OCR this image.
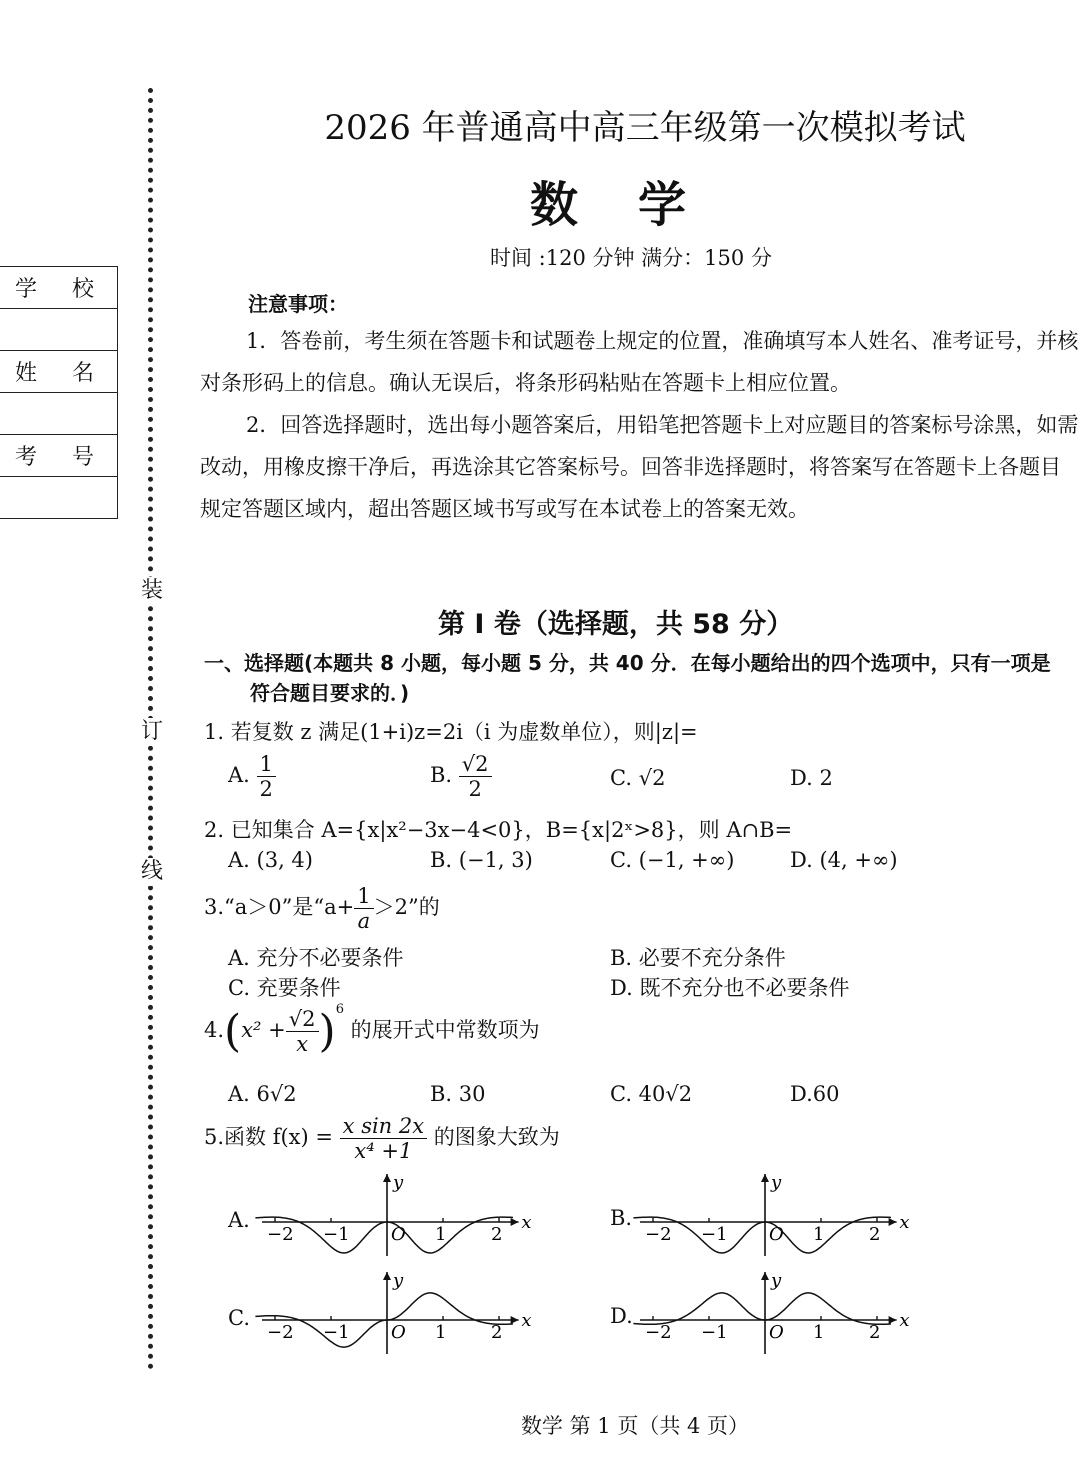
学 校

姓 名

考 号

装
订
线
2026 年普通高中高三年级第一次模拟考试
数学
时间 :120 分钟 满分：150 分
注意事项：
1．答卷前，考生须在答题卡和试题卷上规定的位置，准确填写本人姓名、准考证号，并核对条形码上的信息。确认无误后，将条形码粘贴在答题卡上相应位置。
2．回答选择题时，选出每小题答案后，用铅笔把答题卡上对应题目的答案标号涂黑，如需改动，用橡皮擦干净后，再选涂其它答案标号。回答非选择题时，将答案写在答题卡上各题目规定答题区域内，超出答题区域书写或写在本试卷上的答案无效。
第 I 卷（选择题，共 58 分）
一、选择题(本题共 8 小题，每小题 5 分，共 40 分．在每小题给出的四个选项中，只有一项是符合题目要求的．)
1. 若复数 z 满足(1+i)z=2i（i 为虚数单位），则|z|=
A. $\frac{1}{2}$	B. $\frac{√2}{2}$	C. √2	D. 2
2. 已知集合 A={x|x²−3x−4<0}，B={x|2ˣ>8}，则 A∩B=
A. (3, 4)	B. (−1, 3)	C. (−1, +∞)	D. (4, +∞)
3.“a＞0”是“$a+ \frac{1}{a} >2$”的
A. 充分不必要条件	B. 必要不充分条件
C. 充要条件	D. 既不充分也不必要条件
$4.(x^2 + \frac{√2}{x} )^6$ 的展开式中常数项为
A. 6√2	B. 30	C. 40√2	D.60
5.函数 $f(x) = \frac{\text{x sin 2x}}{\text{x⁴ +1}}$ 的图象大致为
A.	B.
C.	D.
x
y
O
−2 −1	1 2
x
y
O
−2 −1	1 2
x
y
O
−2 −1	1 2
x
y
O
−2 −1	1 2
数学 第 1 页（共 4 页）
